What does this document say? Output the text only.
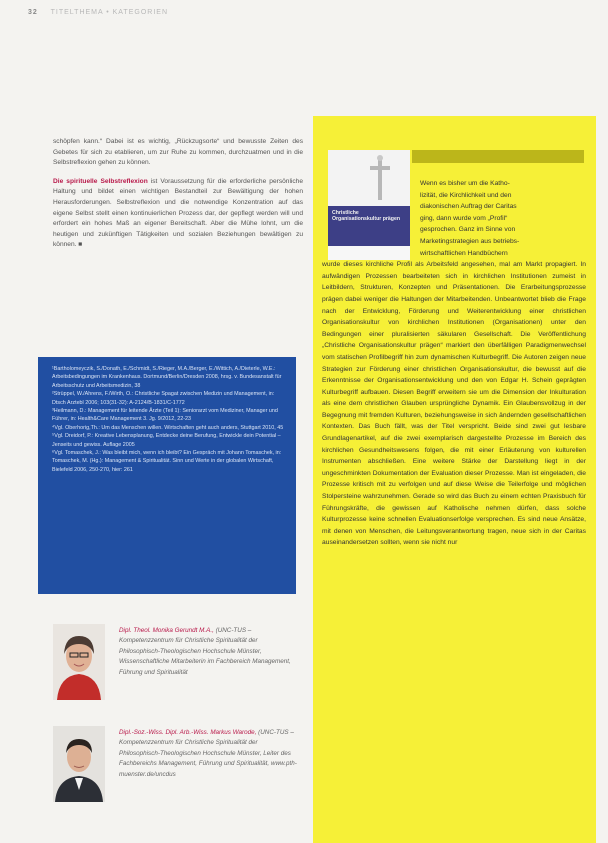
32 TITELTHEMA • KATEGORIEN

schöpfen kann.“ Dabei ist es wichtig, „Rückzugsorte“ und bewusste Zeiten des Gebetes für sich zu etablieren, um zur Ruhe zu kommen, durchzuatmen und in die Selbstreflexion gehen zu können.

Die spirituelle Selbstreflexion ist Voraussetzung für die erforderliche persönliche Haltung und bildet einen wichtigen Bestandteil zur Bewältigung der hohen Herausforderungen. Selbstreflexion und die notwendige Konzentration auf das eigene Selbst stellt einen kontinuierlichen Prozess dar, der gepflegt werden will und erfordert ein hohes Maß an eigener Bereitschaft. Aber die Mühe lohnt, um die heutigen und zukünftigen Tätigkeiten und sozialen Beziehungen bewältigen zu können. ■

¹Bartholomeyczik, S./Donath, E./Schmidt, S./Rieger, M.A./Berger, E./Wittich, A./Dieterle, W.E.: Arbeitsbedingungen im Krankenhaus. Dortmund/Berlin/Dresden 2008, hrsg. v. Bundesanstalt für Arbeitsschutz und Arbeitsmedizin, 38
²Strüppel, W./Ahrens, F./Wirth, O.: Christliche Spagat zwischen Medizin und Management, in: Dtsch Arztebl 2006; 103(31-32): A-2124/B-1831/C-1772
³Heilmann, D.: Management für leitende Ärzte (Teil 1): Seniorarzt vom Mediziner, Manager und Führer, in: Health&Care Management 3. Jg. 9/2012, 22-23
⁴Vgl. Oberhorig,Th.: Um das Menschen willen. Wirtschaften geht auch anders, Stuttgart 2010, 45
⁵Vgl. Dreidorf, P.: Kreative Lebensplanung, Entdecke deine Berufung, Entwickle dein Potential – Jenseits und gewiss. Auflage 2005
⁶Vgl. Tomaschek, J.: Was bleibt mich, wenn ich bleibt? Ein Gespräch mit Johann Tomaschek, in: Tomaschek, M. (Hg.): Management & Spiritualität. Sinn und Werte in der globalen Wirtschaft, Bielefeld 2006, 250-270, hier: 261
Dipl. Theol. Monika Gerundt M.A., (UNC-TUS – Kompetenzzentrum für Christliche Spiritualität der Philosophisch-Theologischen Hochschule Münster, Wissenschaftliche Mitarbeiterin im Fachbereich Management, Führung und Spiritualität
Dipl.-Soz.-Wiss. Dipl. Arb.-Wiss. Markus Warode, (UNC-TUS – Kompetenzzentrum für Christliche Spiritualität der Philosophisch-Theologischen Hochschule Münster, Leiter des Fachbereichs Management, Führung und Spiritualität, www.pth-muenster.de/uncdus
Christliche Organisationskultur prägen
Wenn es bisher um die Katho-
lizität, die Kirchlichkeit und den
diakonischen Auftrag der Caritas
ging, dann wurde vom „Profil“
gesprochen. Ganz im Sinne von
Marketingstrategien aus betriebs-
wirtschaftlichen Handbüchern
wurde dieses kirchliche Profil als Arbeitsfeld angesehen, mal am Markt propagiert. In aufwändigen Prozessen bearbeiteten sich in kirchlichen Institutionen zumeist in Leitbildern, Strukturen, Konzepten und Präsentationen. Die Erarbeitungsprozesse prägen dabei weniger die Haltungen der Mitarbeitenden. Unbeantwortet blieb die Frage nach der Entwicklung, Förderung und Weiterentwicklung einer christlichen Organisationskultur von kirchlichen Institutionen (Organisationen) unter den Bedingungen einer pluralisierten säkularen Gesellschaft. Die Veröffentlichung „Christliche Organisationskultur prägen“ markiert den überfälligen Paradigmenwechsel vom statischen Profilbegriff hin zum dynamischen Kulturbegriff. Die Autoren zeigen neue Strategien zur Förderung einer christlichen Organisationskultur, die bewusst auf die Erkenntnisse der Organisationsentwicklung und den von Edgar H. Schein geprägten Kulturbegriff aufbauen. Diesen Begriff erweitern sie um die Dimension der Inkulturation als eine dem christlichen Glauben ursprüngliche Dynamik. Ein Glaubensvollzug in der Begegnung mit fremden Kulturen, beziehungsweise in sich ändernden gesellschaftlichen Kontexten. Das Buch fällt, was der Titel verspricht. Beide sind zwei gut lesbare Grundlagenartikel, auf die zwei exemplarisch dargestellte Prozesse im Bereich des kirchlichen Gesundheitswesens folgen, die mit einer Erläuterung von kulturellen Instrumenten abschließen. Eine weitere Stärke der Darstellung liegt in der ungeschminkten Dokumentation der Evaluation dieser Prozesse. Man ist eingeladen, die Prozesse kritisch mit zu verfolgen und auf diese Weise die Teilerfolge und möglichen Stolpersteine wahrzunehmen. Gerade so wird das Buch zu einem echten Praxisbuch für Führungskräfte, die gewissen auf Katholische nehmen dürfen, dass solche Kulturprozesse keine schnellen Evaluationserfolge versprechen. Es sind neue Ansätze, mit denen von Menschen, die Leitungsverantwortung tragen, neue sich in der Caritas auseinandersetzen sollten, wenn sie nicht nur
